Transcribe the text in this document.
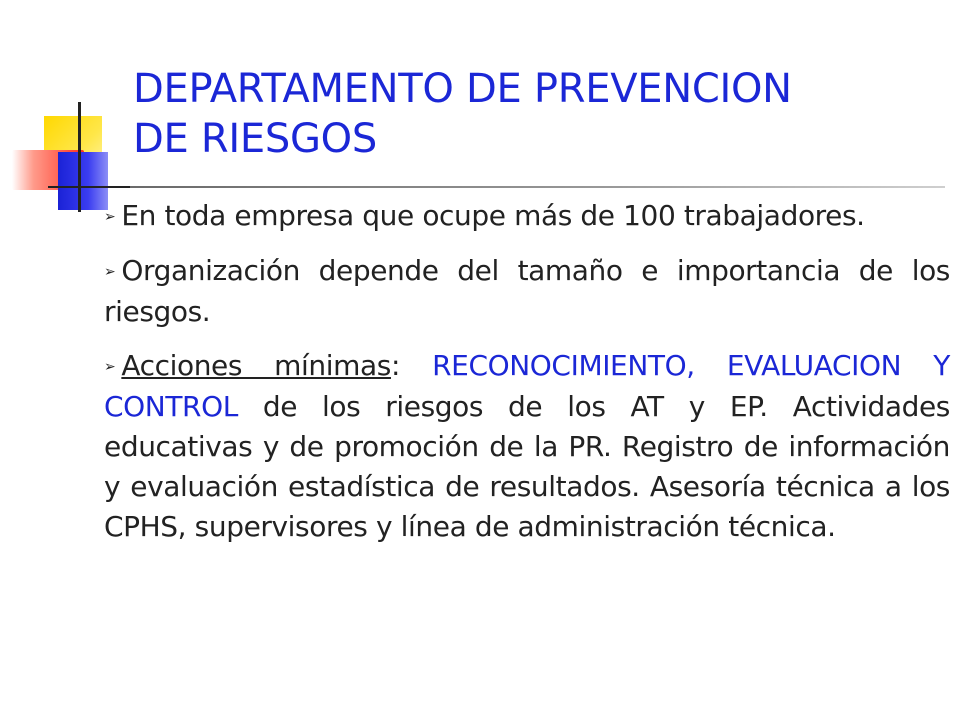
DEPARTAMENTO DE PREVENCION
DE RIESGOS
➢ En toda empresa que ocupe más de 100 trabajadores.
➢ Organización depende del tamaño e importancia de los riesgos.
➢ Acciones mínimas: RECONOCIMIENTO, EVALUACION Y CONTROL de los riesgos de los AT y EP. Actividades educativas y de promoción de la PR. Registro de información y evaluación estadística de resultados. Asesoría técnica a los CPHS, supervisores y línea de administración técnica.
